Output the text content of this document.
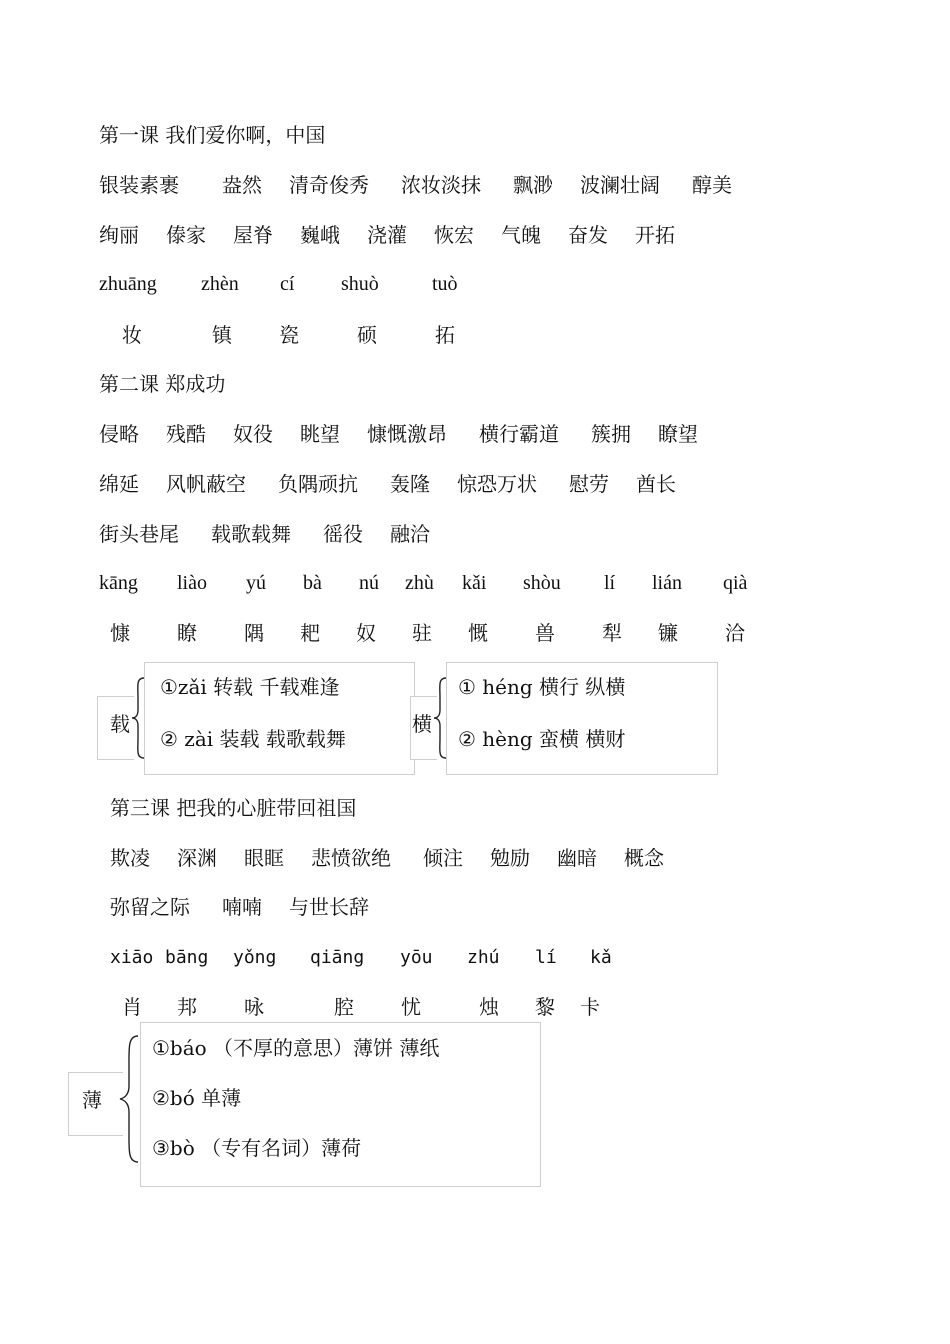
第一课 我们爱你啊，中国
银装素裹 盎然 清奇俊秀 浓妆淡抹 飘渺 波澜壮阔 醇美
绚丽 傣家 屋脊 巍峨 浇灌 恢宏 气魄 奋发 开拓
zhuāng zhèn cí shuò	tuò
妆	镇 瓷	硕	拓
第二课 郑成功
侵略 残酷 奴役 眺望 慷慨激昂 横行霸道 簇拥 瞭望
绵延 风帆蔽空 负隅顽抗 轰隆 惊恐万状 慰劳 酋长
街头巷尾 载歌载舞 徭役 融洽
kāng liào yú bà nú zhù kǎi shòu lí lián qià
慷 瞭 隅 耙 奴 驻 慨 兽 犁 镰 洽
载
①zǎi 转载 千载难逢
② zài 装载 载歌载舞
横
① héng 横行 纵横
② hèng 蛮横 横财
第三课 把我的心脏带回祖国
欺凌 深渊 眼眶 悲愤欲绝 倾注 勉励 幽暗 概念
弥留之际 喃喃 与世长辞
xiāo bāng yǒng qiāng yōu zhú lí kǎ
肖 邦 咏	腔 忧	烛 黎 卡
薄
①báo （不厚的意思）薄饼 薄纸
②bó 单薄
③bò （专有名词）薄荷
